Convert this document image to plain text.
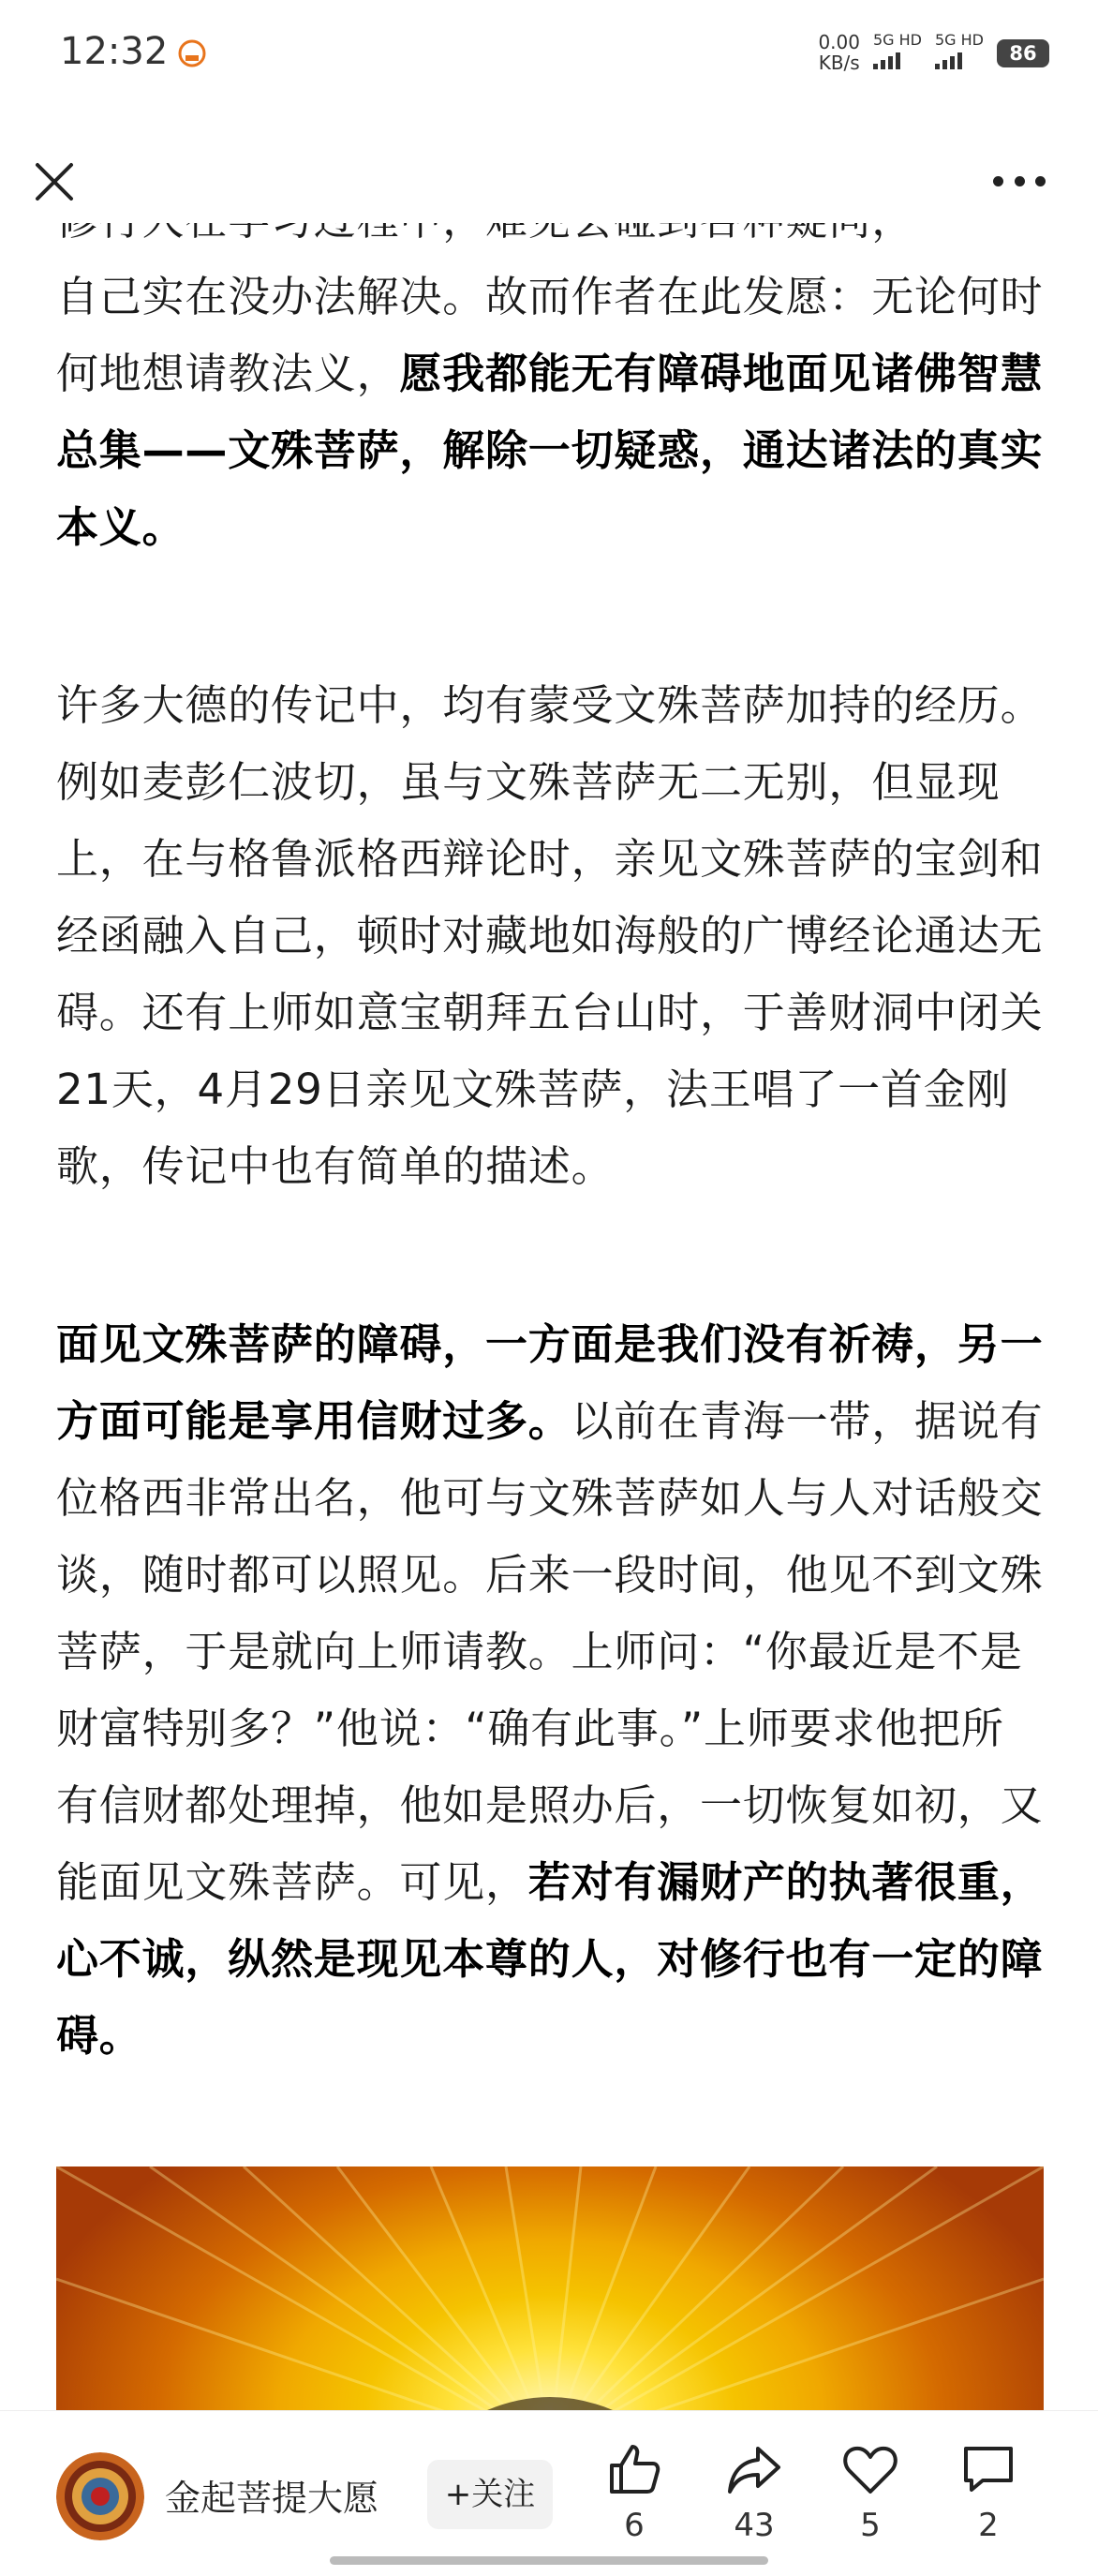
12:32	0.00
KB/s
5G HD 5G HD
86

自己实在没办法解决。故而作者在此发愿：无论何时何地想请教法义，愿我都能无有障碍地面见诸佛智慧总集——文殊菩萨，解除一切疑惑，通达诸法的真实本义。

许多大德的传记中，均有蒙受文殊菩萨加持的经历。例如麦彭仁波切，虽与文殊菩萨无二无别，但显现上，在与格鲁派格西辩论时，亲见文殊菩萨的宝剑和经函融入自己，顿时对藏地如海般的广博经论通达无碍。还有上师如意宝朝拜五台山时，于善财洞中闭关21天，4月29日亲见文殊菩萨，法王唱了一首金刚歌，传记中也有简单的描述。

面见文殊菩萨的障碍，一方面是我们没有祈祷，另一方面可能是享用信财过多。以前在青海一带，据说有位格西非常出名，他可与文殊菩萨如人与人对话般交谈，随时都可以照见。后来一段时间，他见不到文殊菩萨，于是就向上师请教。上师问：“你最近是不是财富特别多？”他说：“确有此事。”上师要求他把所有信财都处理掉，他如是照办后，一切恢复如初，又能面见文殊菩萨。可见，若对有漏财产的执著很重，心不诚，纵然是现见本尊的人，对修行也有一定的障碍。

金起菩提大愿	+关注
6	43	5	2
